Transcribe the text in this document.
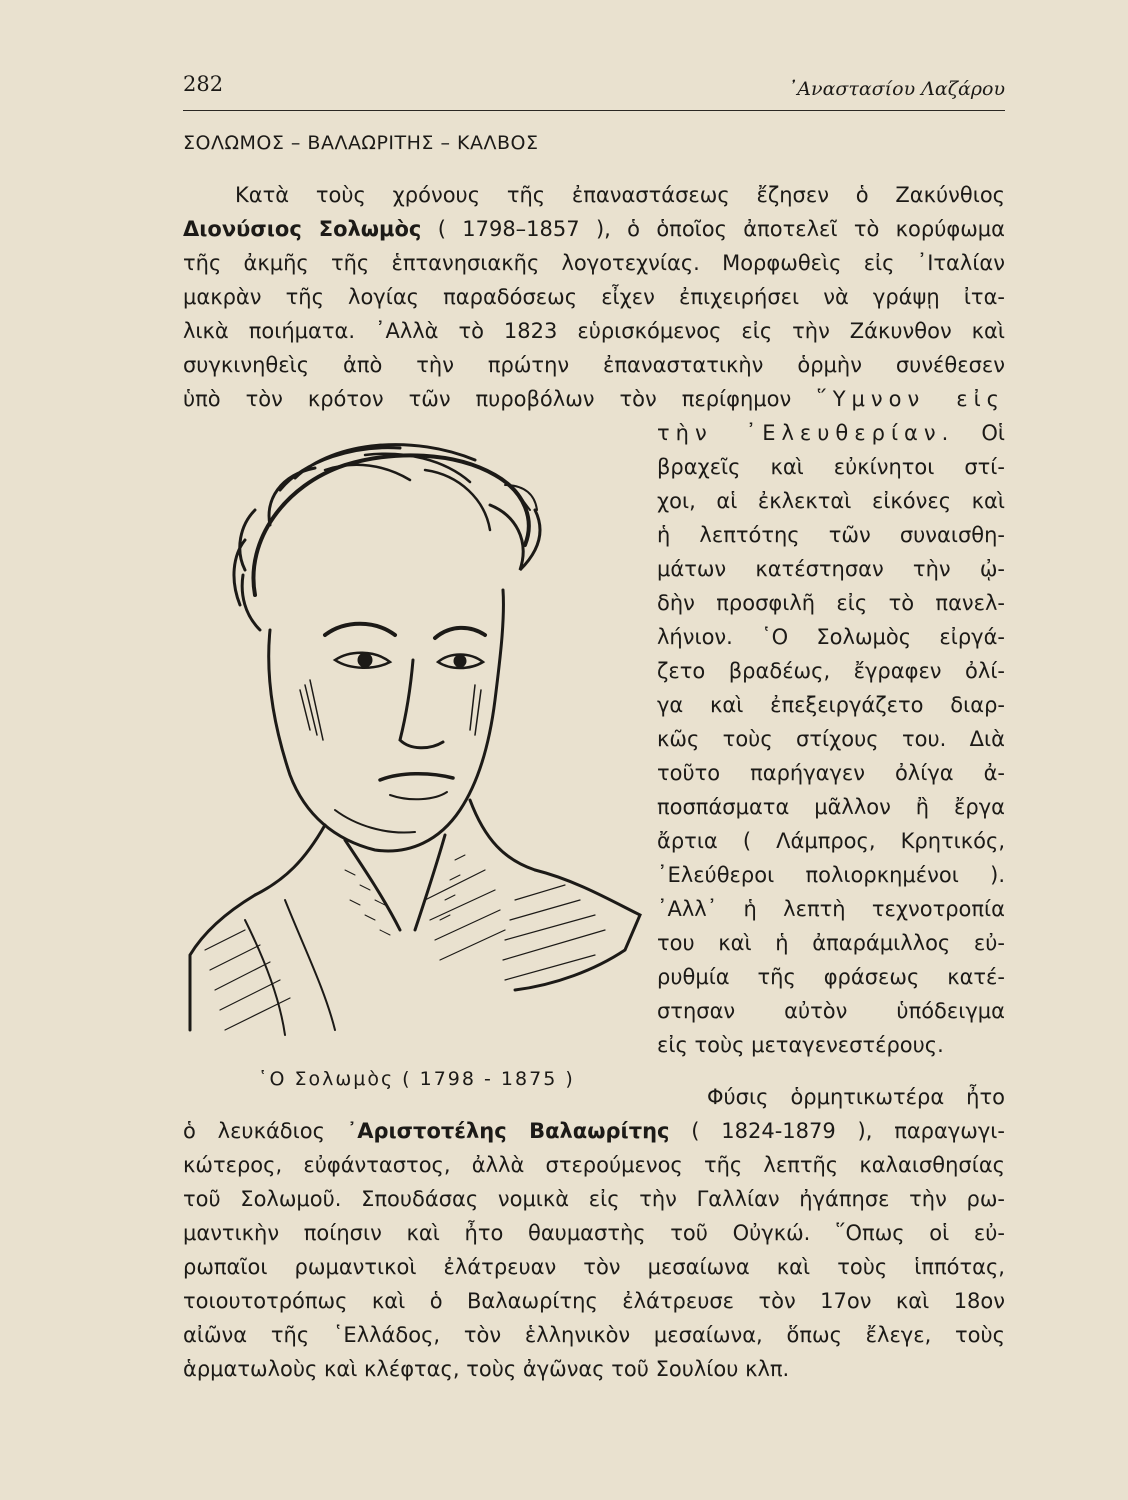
282	᾿Αναστασίου Λαζάρου
ΣΟΛΩΜΟΣ – ΒΑΛΑΩΡΙΤΗΣ – ΚΑΛΒΟΣ
Κατὰ τοὺς χρόνους τῆς ἐπαναστάσεως ἔζησεν ὁ Ζακύνθιος
Διονύσιος Σολωμὸς ( 1798–1857 ), ὁ ὁποῖος ἀποτελεῖ τὸ κορύφωμα
τῆς ἀκμῆς τῆς ἑπτανησιακῆς λογοτεχνίας. Μορφωθεὶς εἰς ᾿Ιταλίαν
μακρὰν τῆς λογίας παραδόσεως εἶχεν ἐπιχειρήσει νὰ γράψῃ ἰτα-
λικὰ ποιήματα. ᾿Αλλὰ τὸ 1823 εὑρισκόμενος εἰς τὴν Ζάκυνθον καὶ
συγκινηθεὶς ἀπὸ τὴν πρώτην ἐπαναστατικὴν ὁρμὴν συνέθεσεν
ὑπὸ τὸν κρότον τῶν πυροβόλων τὸν περίφημον ῞Υμνον εἰς
τὴν ᾿Ελευθερίαν. Οἱ
βραχεῖς καὶ εὐκίνητοι στί-
χοι, αἱ ἐκλεκταὶ εἰκόνες καὶ
ἡ λεπτότης τῶν συναισθη-
μάτων κατέστησαν τὴν ᾠ-
δὴν προσφιλῆ εἰς τὸ πανελ-
λήνιον. ῾Ο Σολωμὸς εἰργά-
ζετο βραδέως, ἔγραφεν ὀλί-
γα καὶ ἐπεξειργάζετο διαρ-
κῶς τοὺς στίχους του. Διὰ
τοῦτο παρήγαγεν ὀλίγα ἀ-
ποσπάσματα μᾶλλον ἢ ἔργα
ἄρτια ( Λάμπρος, Κρητικός,
᾿Ελεύθεροι πολιορκημένοι ).
᾿Αλλ᾿ ἡ λεπτὴ τεχνοτροπία
του καὶ ἡ ἀπαράμιλλος εὐ-
ρυθμία τῆς φράσεως κατέ-
στησαν αὐτὸν ὑπόδειγμα
εἰς τοὺς μεταγενεστέρους.
῾Ο Σολωμὸς ( 1798 - 1875 )
Φύσις ὁρμητικωτέρα ἦτο
ὁ λευκάδιος ᾿Αριστοτέλης Βαλαωρίτης ( 1824-1879 ), παραγωγι-
κώτερος, εὐφάνταστος, ἀλλὰ στερούμενος τῆς λεπτῆς καλαισθησίας
τοῦ Σολωμοῦ. Σπουδάσας νομικὰ εἰς τὴν Γαλλίαν ἠγάπησε τὴν ρω-
μαντικὴν ποίησιν καὶ ἦτο θαυμαστὴς τοῦ Οὐγκώ. ῞Οπως οἱ εὐ-
ρωπαῖοι ρωμαντικοὶ ἐλάτρευαν τὸν μεσαίωνα καὶ τοὺς ἱππότας,
τοιουτοτρόπως καὶ ὁ Βαλαωρίτης ἐλάτρευσε τὸν 17ον καὶ 18ον
αἰῶνα τῆς ῾Ελλάδος, τὸν ἑλληνικὸν μεσαίωνα, ὅπως ἔλεγε, τοὺς
ἁρματωλοὺς καὶ κλέφτας, τοὺς ἀγῶνας τοῦ Σουλίου κλπ.
